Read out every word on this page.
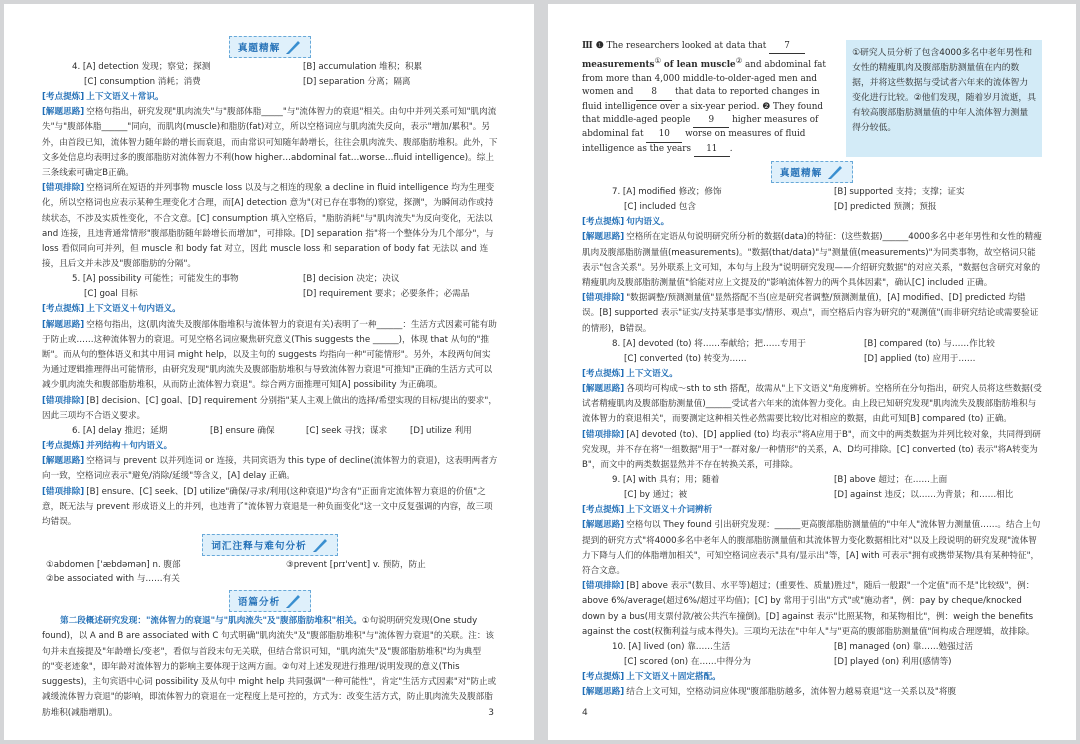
真题精解
4. [A] detection 发现；察觉；探测	[B] accumulation 堆积；积累
[C] consumption 消耗；消费	[D] separation 分离；隔离

[考点提炼] 上下文语义＋常识。

[解题思路] 空格句指出，研究发现"肌肉流失"与"腹部体脂_____"与"流体智力的衰退"相关。由句中并列关系可知"肌肉流失"与"腹部体脂______"同向，而肌肉(muscle)和脂肪(fat)对立，所以空格词应与肌肉流失反向，表示"增加/累积"。另外，由首段已知，流体智力随年龄的增长而衰退，而由常识可知随年龄增长，往往会肌肉流失、腹部脂肪堆积。此外，下文多处信息均表明过多的腹部脂肪对流体智力不利(how higher…abdominal fat…worse…fluid intelligence)。综上三条线索可确定B正确。

[错项排除] 空格词所在短语的并列事物 muscle loss 以及与之相连的现象 a decline in fluid intelligence 均为生理变化，所以空格词也应表示某种生理变化才合理，而[A] detection 意为"(对已存在事物的)察觉，探测"，为瞬间动作或持续状态，不涉及实质性变化，不合文意。[C] consumption 填入空格后，"脂肪消耗"与"肌肉流失"为反向变化，无法以 and 连接，且违背通常情形"腹部脂肪随年龄增长而增加"，可排除。[D] separation 指"将一个整体分为几个部分"，与 loss 看似同向可并列，但 muscle 和 body fat 对立，因此 muscle loss 和 separation of body fat 无法以 and 连接，且后文并未涉及"腹部脂肪的分隔"。

5. [A] possibility 可能性；可能发生的事物	[B] decision 决定；决议
[C] goal 目标	[D] requirement 要求；必要条件；必需品

[考点提炼] 上下文语义＋句内语义。

[解题思路] 空格句指出，这(肌肉流失及腹部体脂堆积与流体智力的衰退有关)表明了一种______：生活方式因素可能有助于防止或……这种流体智力的衰退。可见空格名词应聚焦研究意义(This suggests the ______)，体现 that 从句的"推断"。而从句的整体语义和其中用词 might help，以及主句的 suggests 均指向一种"可能情形"。另外，本段两句间实为通过逻辑推理得出可能情形，由研究发现"肌肉流失及腹部脂肪堆积与导致流体智力衰退"可推知"正确的生活方式可以减少肌肉流失和腹部脂肪堆积，从而防止流体智力衰退"。综合两方面推理可知[A] possibility 为正确项。

[错项排除] [B] decision、[C] goal、[D] requirement 分别指"某人主观上做出的选择/希望实现的目标/提出的要求"，因此三项均不合语义要求。

6. [A] delay 推迟；延期	[B] ensure 确保	[C] seek 寻找；谋求	[D] utilize 利用

[考点提炼] 并列结构＋句内语义。

[解题思路] 空格词与 prevent 以并列连词 or 连接，共同宾语为 this type of decline(流体智力的衰退)，这表明两者方向一致，空格词应表示"避免/消除/延缓"等含义，[A] delay 正确。

[错项排除] [B] ensure、[C] seek、[D] utilize"确保/寻求/利用(这种衰退)"均含有"正面肯定流体智力衰退的价值"之意，既无法与 prevent 形成语义上的并列，也违背了"流体智力衰退是一种负面变化"这一文中反复强调的内容，故三项均错误。

词汇注释与难句分析
①abdomen ['æbdəmən] n. 腹部	③prevent [prɪ'vent] v. 预防，防止
②be associated with 与……有关
语篇分析

第二段概述研究发现："流体智力的衰退"与"肌肉流失"及"腹部脂肪堆积"相关。①句说明研究发现(One study found)，以 A and B are associated with C 句式明确"肌肉流失"及"腹部脂肪堆积"与"流体智力衰退"的关联。注：该句并未直接提及"年龄增长/变老"，看似与首段末句无关联，但结合常识可知，"肌肉流失"及"腹部脂肪堆积"均为典型的"变老迹象"，即年龄对流体智力的影响主要体现于这两方面。②句对上述发现进行推理/说明发现的意义(This suggests)，主句宾语中心词 possibility 及从句中 might help 共同强调"一种可能性"，肯定"生活方式因素"对"防止或减缓流体智力衰退"的影响，即流体智力的衰退在一定程度上是可控的，方式为：改变生活方式，防止肌肉流失及腹部脂肪堆积(减脂增肌)。	3
Ⅲ ❶ The researchers looked at data that 7 measurements① of lean muscle② and abdominal fat from more than 4,000 middle-to-older-aged men and women and 8 that data to reported changes in fluid intelligence over a six-year period. ❷ They found that middle-aged people 9 higher measures of abdominal fat 10 worse on measures of fluid intelligence as the years 11 .
①研究人员分析了包含4000多名中老年男性和女性的精瘦肌肉及腹部脂肪测量值在内的数据，并将这些数据与受试者六年来的流体智力变化进行比较。②他们发现，随着岁月流逝，具有较高腹部脂肪测量值的中年人流体智力测量得分较低。
真题精解
7. [A] modified 修改；修饰	[B] supported 支持；支撑；证实
[C] included 包含	[D] predicted 预测；预报

[考点提炼] 句内语义。

[解题思路] 空格所在定语从句说明研究所分析的数据(data)的特征：(这些数据)______4000多名中老年男性和女性的精瘦肌肉及腹部脂肪测量值(measurements)。"数据(that/data)"与"测量值(measurements)"为同类事物，故空格词只能表示"包含关系"。另外联系上文可知，本句与上段为"说明研究发现——介绍研究数据"的对应关系，"数据包含研究对象的精瘦肌肉及腹部脂肪测量值"恰能对应上文提及的"影响流体智力的两个具体因素"，确认[C] included 正确。

[错项排除] "数据调整/预测测量值"显然搭配不当(应是研究者调整/预测测量值)，[A] modified、[D] predicted 均错误。[B] supported 表示"证实/支持某事是事实/情形、观点"，而空格后内容为研究的"观测值"(而非研究结论或需要验证的情形)，B错误。

8. [A] devoted (to) 将……奉献给；把……专用于	[B] compared (to) 与……作比较
[C] converted (to) 转变为……	[D] applied (to) 应用于……

[考点提炼] 上下文语义。

[解题思路] 各项均可构成～sth to sth 搭配，故需从"上下文语义"角度辨析。空格所在分句指出，研究人员将这些数据(受试者精瘦肌肉及腹部脂肪测量值)______受试者六年来的流体智力变化。由上段已知研究发现"肌肉流失及腹部脂肪堆积与流体智力的衰退相关"，而要测定这种相关性必然需要比较/比对相应的数据，由此可知[B] compared (to) 正确。

[错项排除] [A] devoted (to)、[D] applied (to) 均表示"将A应用于B"，而文中的两类数据为并列比较对象，共同得到研究发现，并不存在将"一组数据"用于"一群对象/一种情形"的关系，A、D均可排除。[C] converted (to) 表示"将A转变为B"，而文中的两类数据显然并不存在转换关系，可排除。

9. [A] with 具有；用；随着	[B] above 超过；在……上面
[C] by 通过；被	[D] against 违反；以……为背景；和……相比

[考点提炼] 上下文语义＋介词辨析

[解题思路] 空格句以 They found 引出研究发现：______更高腹部脂肪测量值的"中年人"流体智力测量值……。结合上句提到的研究方式"将4000多名中老年人的腹部脂肪测量值和其流体智力变化数据相比对"以及上段说明的研究发现"流体智力下降与人们的体脂增加相关"，可知空格词应表示"具有/显示出"等，[A] with 可表示"拥有或携带某物/具有某种特征"，符合文意。

[错项排除] [B] above 表示"(数目、水平等)超过；(重要性、质量)胜过"，随后一般跟"一个定值"而不是"比较级"，例：above 6%/average(超过6%/超过平均值)；[C] by 常用于引出"方式"或"施动者"，例：pay by cheque/knocked down by a bus(用支票付款/被公共汽车撞倒)。[D] against 表示"比照某物，和某物相比"，例：weigh the benefits against the cost(权衡利益与成本得失)。三项均无法在"中年人"与"更高的腹部脂肪测量值"间构成合理逻辑，故排除。

10. [A] lived (on) 靠……生活	[B] managed (on) 靠……勉强过活
[C] scored (on) 在……中得分为	[D] played (on) 利用(感情等)

[考点提炼] 上下文语义＋固定搭配。

[解题思路] 结合上文可知，空格动词应体现"腹部脂肪越多，流体智力越易衰退"这一关系以及"将腹

4
